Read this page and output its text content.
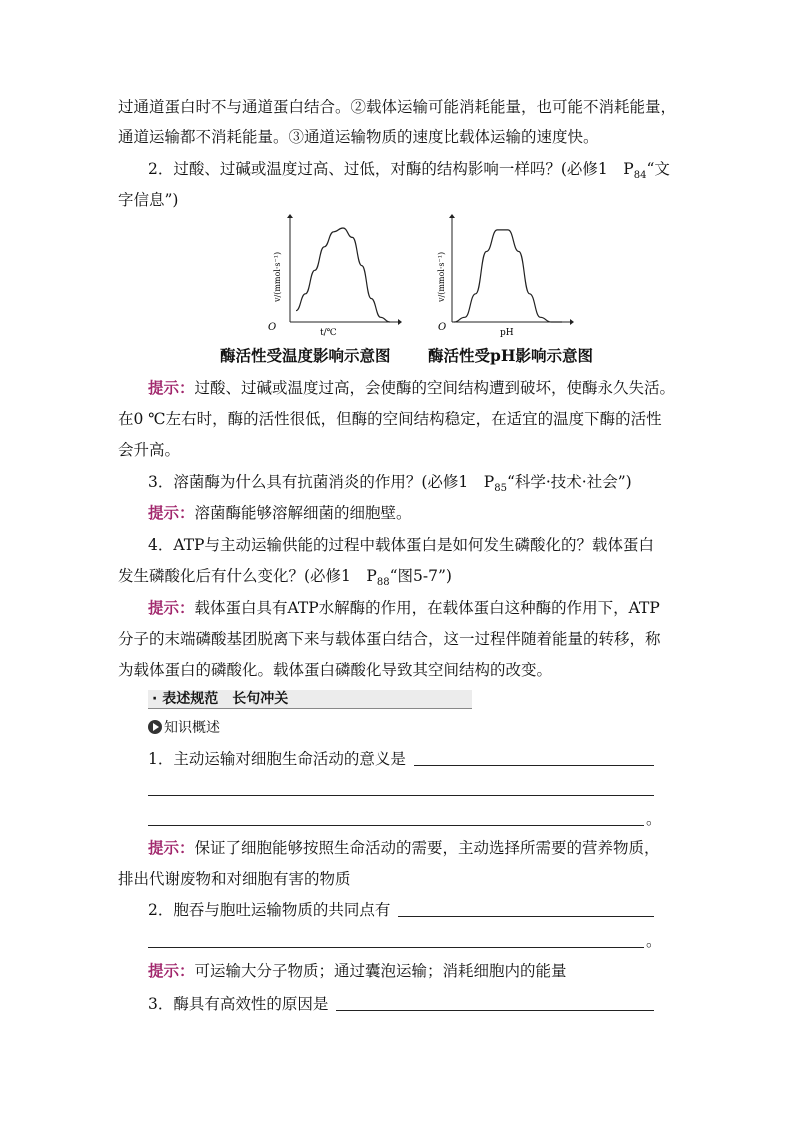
过通道蛋白时不与通道蛋白结合。②载体运输可能消耗能量，也可能不消耗能量，
通道运输都不消耗能量。③通道运输物质的速度比载体运输的速度快。
2．过酸、过碱或温度过高、过低，对酶的结构影响一样吗？(必修1　$P_{84}“$文
字信息”)
O	t/℃
v/(mmol·s⁻¹)
O	pH
v/(mmol·s⁻¹)
酶活性受温度影响示意图 酶活性受pH影响示意图
提示：过酸、过碱或温度过高，会使酶的空间结构遭到破坏，使酶永久失活。
在0 ℃左右时，酶的活性很低，但酶的空间结构稳定，在适宜的温度下酶的活性
会升高。
3．溶菌酶为什么具有抗菌消炎的作用？(必修1　$P_{85}“$科学·技术·社会”)
提示：溶菌酶能够溶解细菌的细胞壁。
4．ATP与主动运输供能的过程中载体蛋白是如何发生磷酸化的？载体蛋白
发生磷酸化后有什么变化？(必修1　$P_{88}“$图5-7”)
提示：载体蛋白具有ATP水解酶的作用，在载体蛋白这种酶的作用下，ATP
分子的末端磷酸基团脱离下来与载体蛋白结合，这一过程伴随着能量的转移，称
为载体蛋白的磷酸化。载体蛋白磷酸化导致其空间结构的改变。
· 表述规范　长句冲关
知识概述
1．主动运输对细胞生命活动的意义是
。
提示：保证了细胞能够按照生命活动的需要，主动选择所需要的营养物质，
排出代谢废物和对细胞有害的物质
2．胞吞与胞吐运输物质的共同点有
。
提示：可运输大分子物质；通过囊泡运输；消耗细胞内的能量
3．酶具有高效性的原因是
